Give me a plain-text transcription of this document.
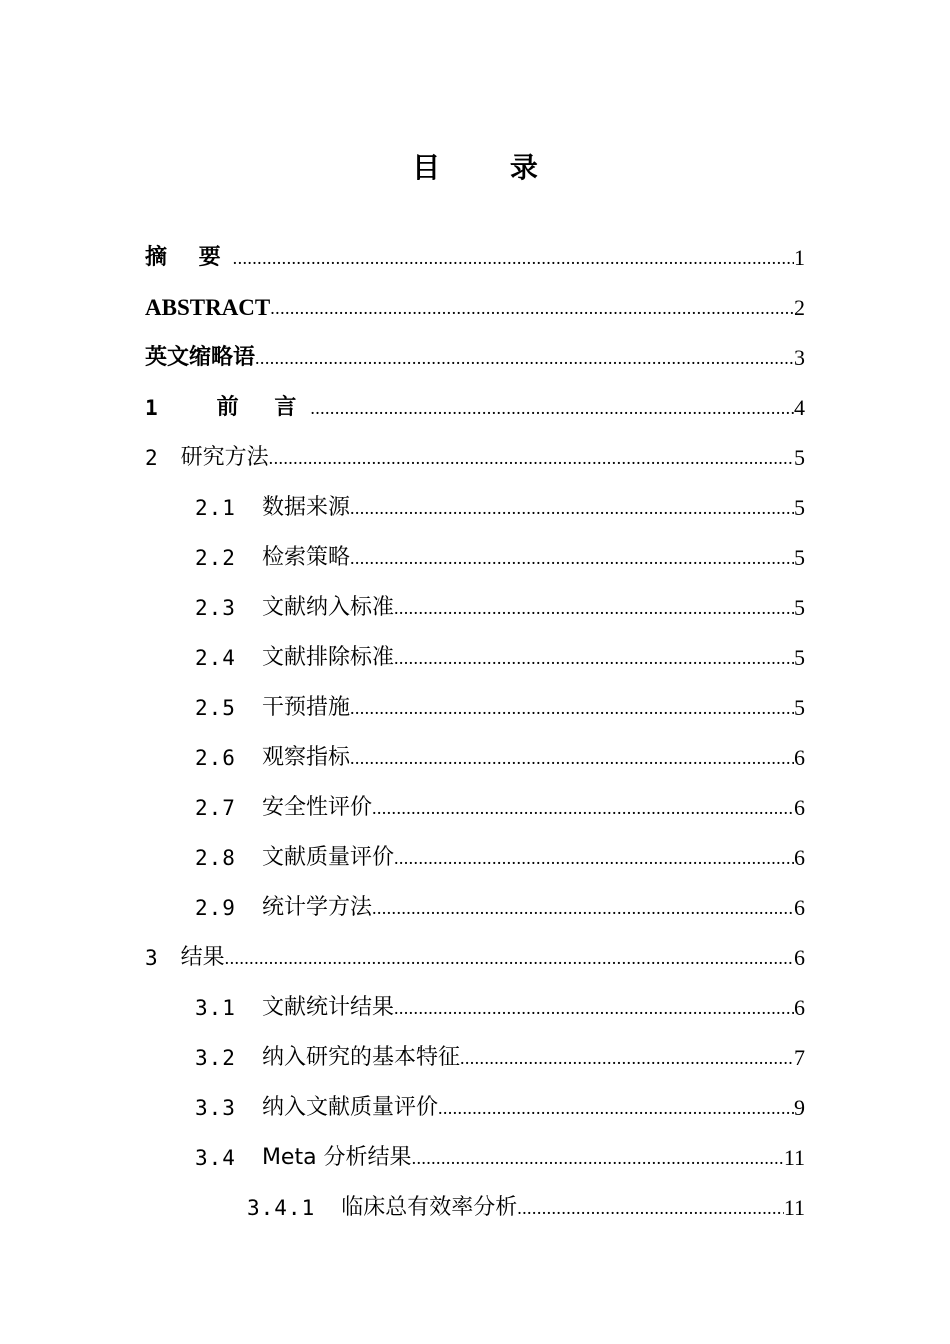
目 录
摘 要 .....	1
ABSTRACT .....	2
英文缩略语 .....	3
1	前 言 .....	4
2 研究方法 .....	5
2.1 数据来源 .....	5
2.2 检索策略 .....	5
2.3 文献纳入标准 .....	5
2.4 文献排除标准 .....	5
2.5 干预措施 .....	5
2.6 观察指标 .....	6
2.7 安全性评价 .....	6
2.8 文献质量评价 .....	6
2.9 统计学方法 .....	6
3 结果 .....	6
3.1 文献统计结果 .....	6
3.2 纳入研究的基本特征 .....	7
3.3 纳入文献质量评价 .....	9
3.4 Meta 分析结果 .....	11
3.4.1 临床总有效率分析 .....	11
